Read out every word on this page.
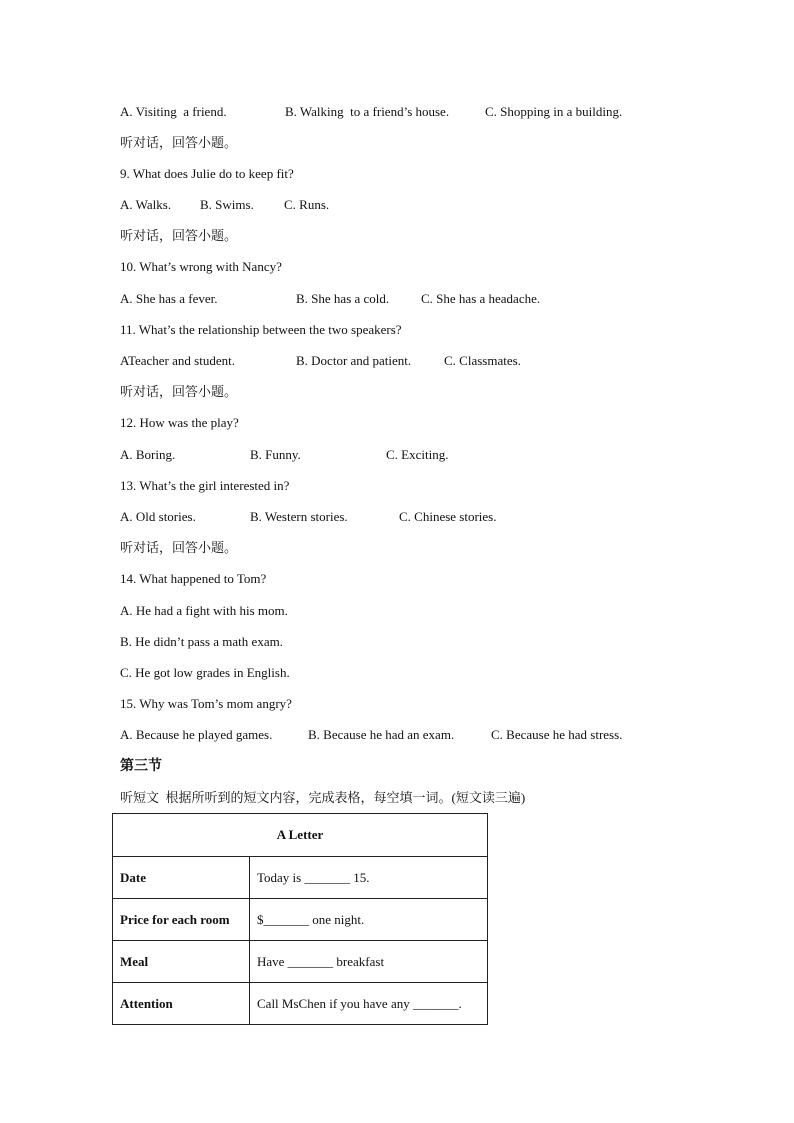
A. Visiting  a friend.	B. Walking  to a friend’s house.	C. Shopping in a building.
听对话，回答小题。
9. What does Julie do to keep fit?
A. Walks. B. Swims. C. Runs.
听对话，回答小题。
10. What’s wrong with Nancy?
A. She has a fever.	B. She has a cold. C. She has a headache.
11. What’s the relationship between the two speakers?
ATeacher and student.	B. Doctor and patient.	C. Classmates.
听对话，回答小题。
12. How was the play?
A. Boring.	B. Funny.	C. Exciting.
13. What’s the girl interested in?
A. Old stories.	B. Western stories.	C. Chinese stories.
听对话，回答小题。
14. What happened to Tom?
A. He had a fight with his mom.
B. He didn’t pass a math exam.
C. He got low grades in English.
15. Why was Tom’s mom angry?
A. Because he played games.	B. Because he had an exam.	C. Because he had stress.
第三节
听短文  根据所听到的短文内容，完成表格，每空填一词。(短文读三遍)
A Letter	
Date	Today is _______ 15.
Price for each room	$_______ one night.
Meal	Have _______ breakfast
Attention	Call MsChen if you have any _______.
